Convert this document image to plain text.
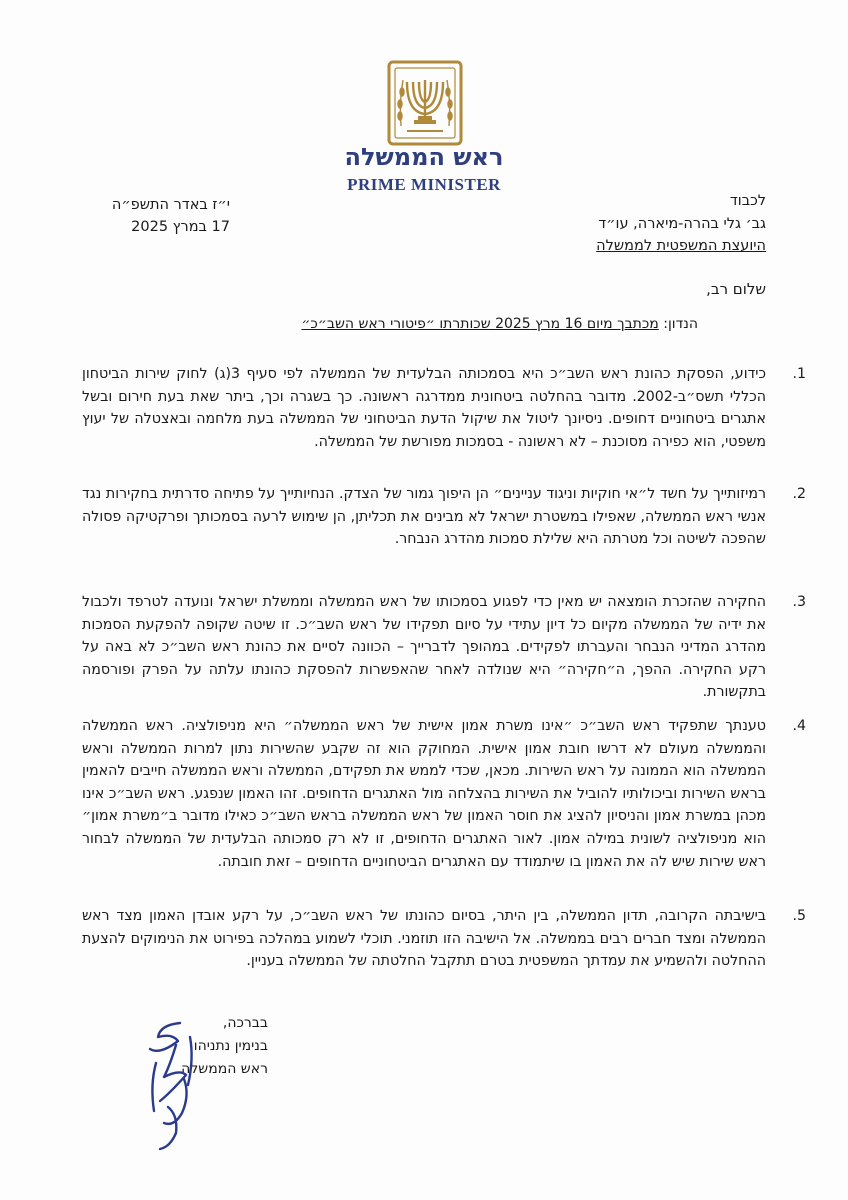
ראש הממשלה
PRIME MINISTER
י״ז באדר התשפ״ה
17 במרץ 2025
לכבוד
גב׳ גלי בהרה-מיארה, עו״ד
היועצת המשפטית לממשלה
שלום רב,
הנדון: מכתבך מיום 16 מרץ 2025 שכותרתו ״פיטורי ראש השב״כ״
1.
כידוע, הפסקת כהונת ראש השב״כ היא בסמכותה הבלעדית של הממשלה לפי סעיף 3(ג) לחוק שירות הביטחון הכללי תשס״ב-2002. מדובר בהחלטה ביטחונית ממדרגה ראשונה. כך בשגרה וכך, ביתר שאת בעת חירום ובשל אתגרים ביטחוניים דחופים. ניסיונך ליטול את שיקול הדעת הביטחוני של הממשלה בעת מלחמה ובאצטלה של יעוץ משפטי, הוא כפירה מסוכנת – לא ראשונה - בסמכות מפורשת של הממשלה.
2.
רמיזותייך על חשד ל״אי חוקיות וניגוד עניינים״ הן היפוך גמור של הצדק. הנחיותייך על פתיחה סדרתית בחקירות נגד אנשי ראש הממשלה, שאפילו במשטרת ישראל לא מבינים את תכליתן, הן שימוש לרעה בסמכותך ופרקטיקה פסולה שהפכה לשיטה וכל מטרתה היא שלילת סמכות מהדרג הנבחר.
3.
החקירה שהזכרת הומצאה יש מאין כדי לפגוע בסמכותו של ראש הממשלה וממשלת ישראל ונועדה לטרפד ולכבול את ידיה של הממשלה מקיום כל דיון עתידי על סיום תפקידו של ראש השב״כ. זו שיטה שקופה להפקעת הסמכות מהדרג המדיני הנבחר והעברתו לפקידים. במהופך לדברייך – הכוונה לסיים את כהונת ראש השב״כ לא באה על רקע החקירה. ההפך, ה״חקירה״ היא שנולדה לאחר שהאפשרות להפסקת כהונתו עלתה על הפרק ופורסמה בתקשורת.
4.
טענתך שתפקיד ראש השב״כ ״אינו משרת אמון אישית של ראש הממשלה״ היא מניפולציה. ראש הממשלה והממשלה מעולם לא דרשו חובת אמון אישית. המחוקק הוא זה שקבע שהשירות נתון למרות הממשלה וראש הממשלה הוא הממונה על ראש השירות. מכאן, שכדי לממש את תפקידם, הממשלה וראש הממשלה חייבים להאמין בראש השירות וביכולותיו להוביל את השירות בהצלחה מול האתגרים הדחופים. זהו האמון שנפגע. ראש השב״כ אינו מכהן במשרת אמון והניסיון להציג את חוסר האמון של ראש הממשלה בראש השב״כ כאילו מדובר ב״משרת אמון״ הוא מניפולציה לשונית במילה אמון. לאור האתגרים הדחופים, זו לא רק סמכותה הבלעדית של הממשלה לבחור ראש שירות שיש לה את האמון בו שיתמודד עם האתגרים הביטחוניים הדחופים – זאת חובתה.
5.
בישיבתה הקרובה, תדון הממשלה, בין היתר, בסיום כהונתו של ראש השב״כ, על רקע אובדן האמון מצד ראש הממשלה ומצד חברים רבים בממשלה. אל הישיבה הזו תוזמני. תוכלי לשמוע במהלכה בפירוט את הנימוקים להצעת ההחלטה ולהשמיע את עמדתך המשפטית בטרם תתקבל החלטתה של הממשלה בעניין.
בברכה,
בנימין נתניהו
ראש הממשלה
